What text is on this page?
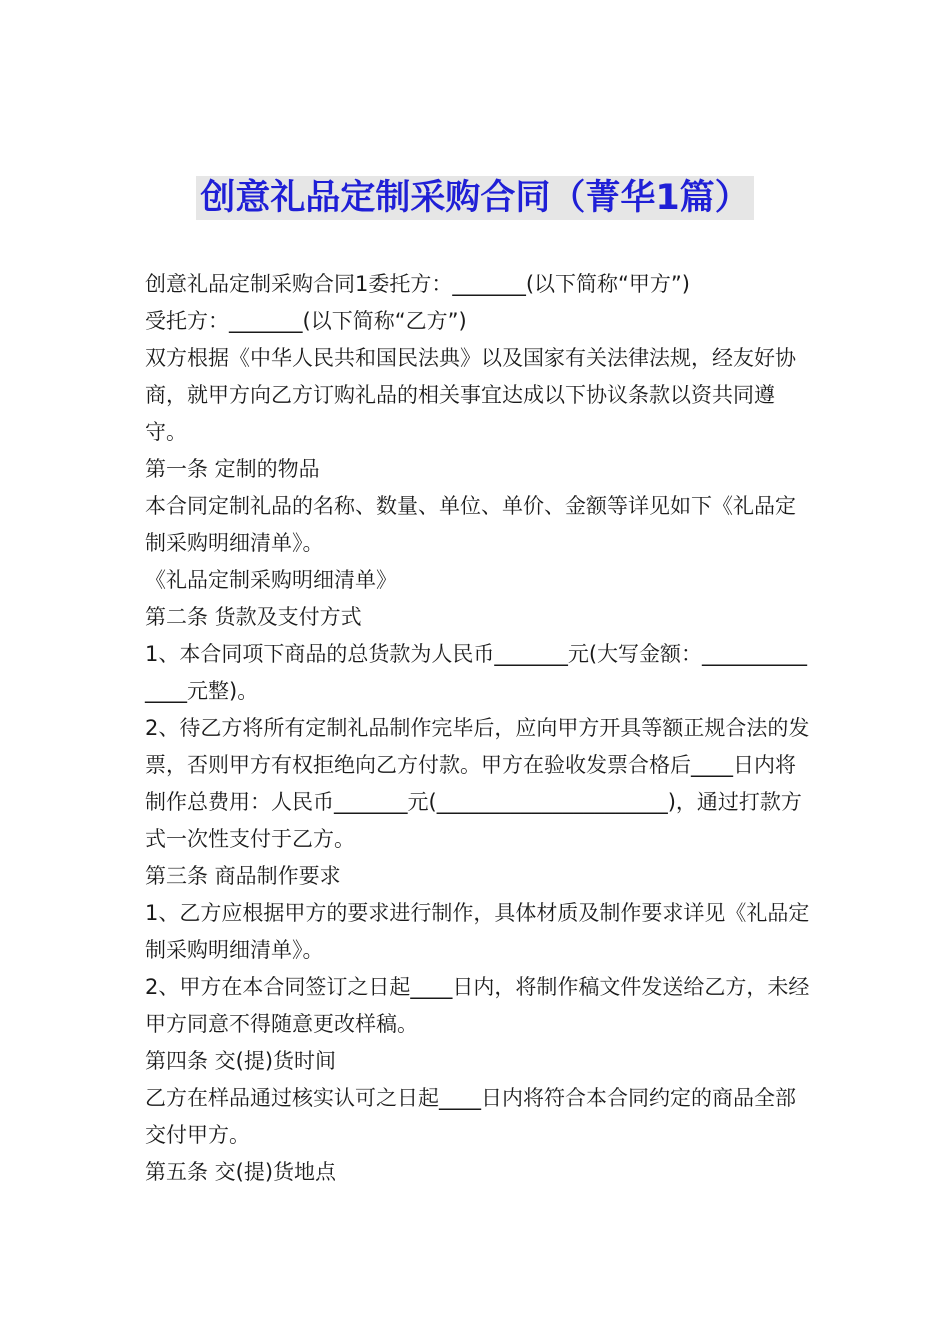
创意礼品定制采购合同（菁华1篇）

创意礼品定制采购合同1委托方：_______(以下简称“甲方”)

受托方：_______(以下简称“乙方”)

双方根据《中华人民共和国民法典》以及国家有关法律法规，经友好协商，就甲方向乙方订购礼品的相关事宜达成以下协议条款以资共同遵守。

第一条 定制的物品

本合同定制礼品的名称、数量、单位、单价、金额等详见如下《礼品定制采购明细清单》。

《礼品定制采购明细清单》

第二条 货款及支付方式

1、本合同项下商品的总货款为人民币_______元(大写金额：______________元整)。

2、待乙方将所有定制礼品制作完毕后，应向甲方开具等额正规合法的发票，否则甲方有权拒绝向乙方付款。甲方在验收发票合格后____日内将制作总费用：人民币_______元(______________________)，通过打款方式一次性支付于乙方。

第三条 商品制作要求

1、乙方应根据甲方的要求进行制作，具体材质及制作要求详见《礼品定制采购明细清单》。

2、甲方在本合同签订之日起____日内，将制作稿文件发送给乙方，未经甲方同意不得随意更改样稿。

第四条 交(提)货时间

乙方在样品通过核实认可之日起____日内将符合本合同约定的商品全部交付甲方。

第五条 交(提)货地点
